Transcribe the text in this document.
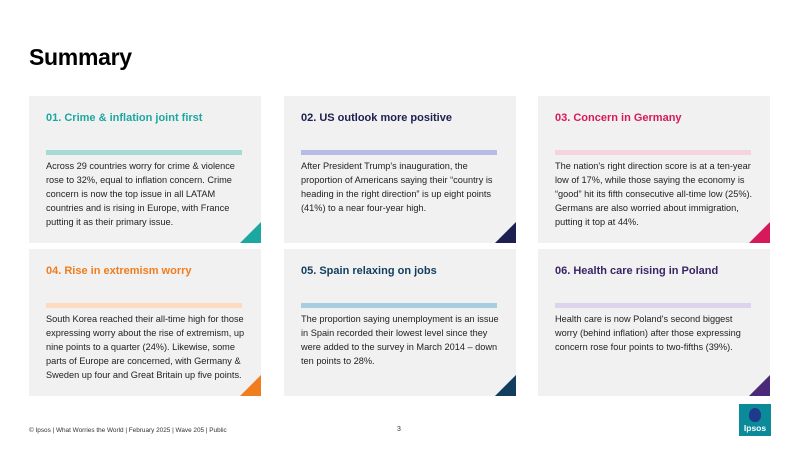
Summary
01. Crime & inflation joint first
Across 29 countries worry for crime & violence rose to 32%, equal to inflation concern. Crime concern is now the top issue in all LATAM countries and is rising in Europe, with France putting it as their primary issue.
02. US outlook more positive
After President Trump's inauguration, the proportion of Americans saying their “country is heading in the right direction” is up eight points (41%) to a near four-year high.
03. Concern in Germany
The nation's right direction score is at a ten-year low of 17%, while those saying the economy is “good” hit its fifth consecutive all-time low (25%). Germans are also worried about immigration, putting it top at 44%.
04. Rise in extremism worry
South Korea reached their all-time high for those expressing worry about the rise of extremism, up nine points to a quarter (24%). Likewise, some parts of Europe are concerned, with Germany & Sweden up four and Great Britain up five points.
05. Spain relaxing on jobs
The proportion saying unemployment is an issue in Spain recorded their lowest level since they were added to the survey in March 2014 – down ten points to 28%.
06. Health care rising in Poland
Health care is now Poland's second biggest worry (behind inflation) after those expressing concern rose four points to two-fifths (39%).
© Ipsos | What Worries the World | February 2025 | Wave 205 | Public	3	Ipsos
